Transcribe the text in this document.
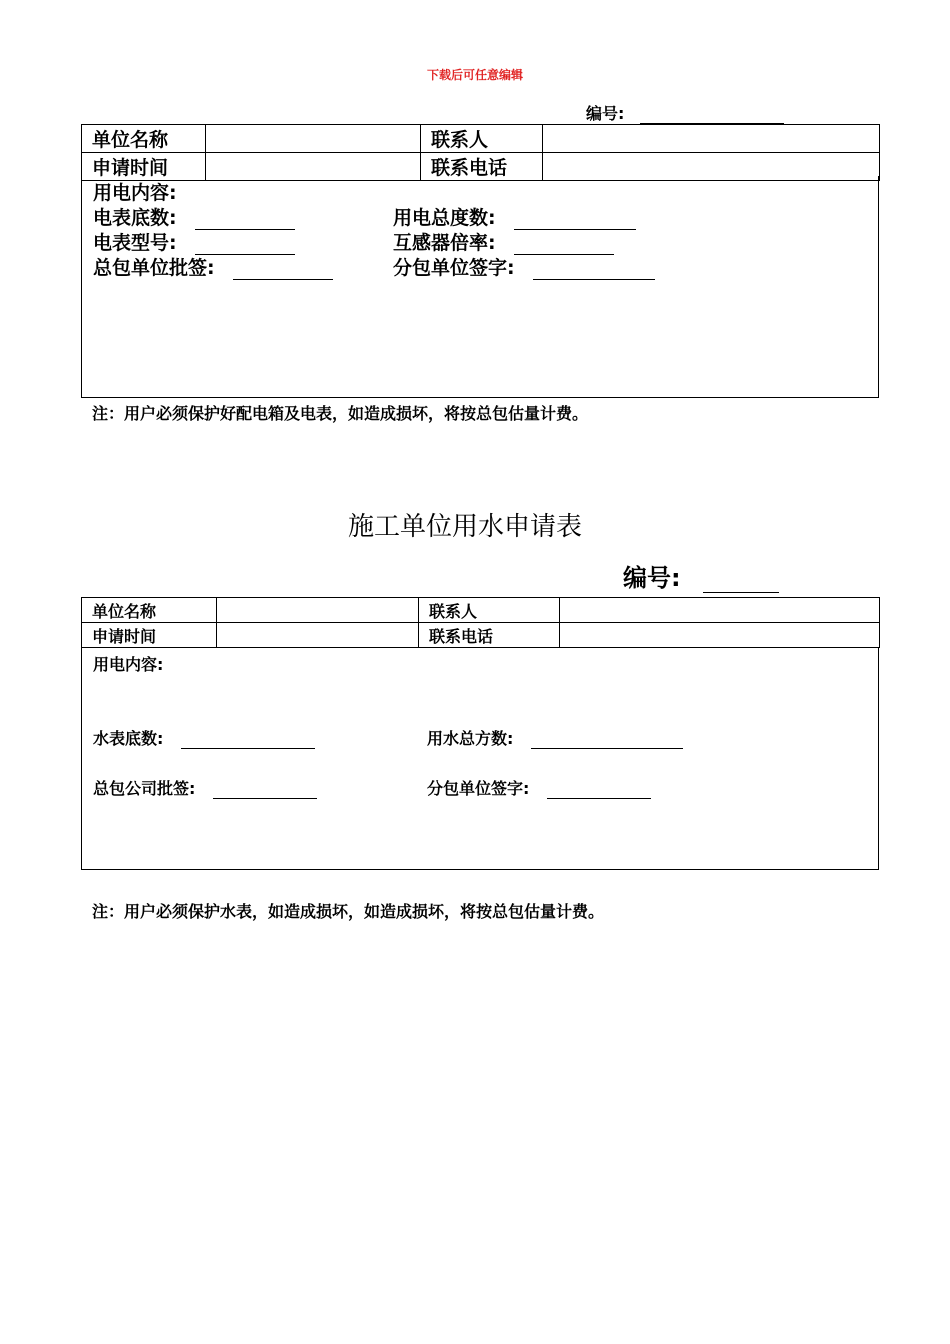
下载后可任意编辑
编号:
单位名称		联系人	
申请时间		联系电话	
用电内容:
电表底数:	用电总度数:
电表型号:	互感器倍率:
总包单位批签:	分包单位签字:
注：用户必须保护好配电箱及电表，如造成损坏，将按总包估量计费。
施工单位用水申请表
编号:
单位名称		联系人	
申请时间		联系电话	
用电内容:
水表底数:	用水总方数:
总包公司批签:	分包单位签字:
注：用户必须保护水表，如造成损坏，如造成损坏，将按总包估量计费。
